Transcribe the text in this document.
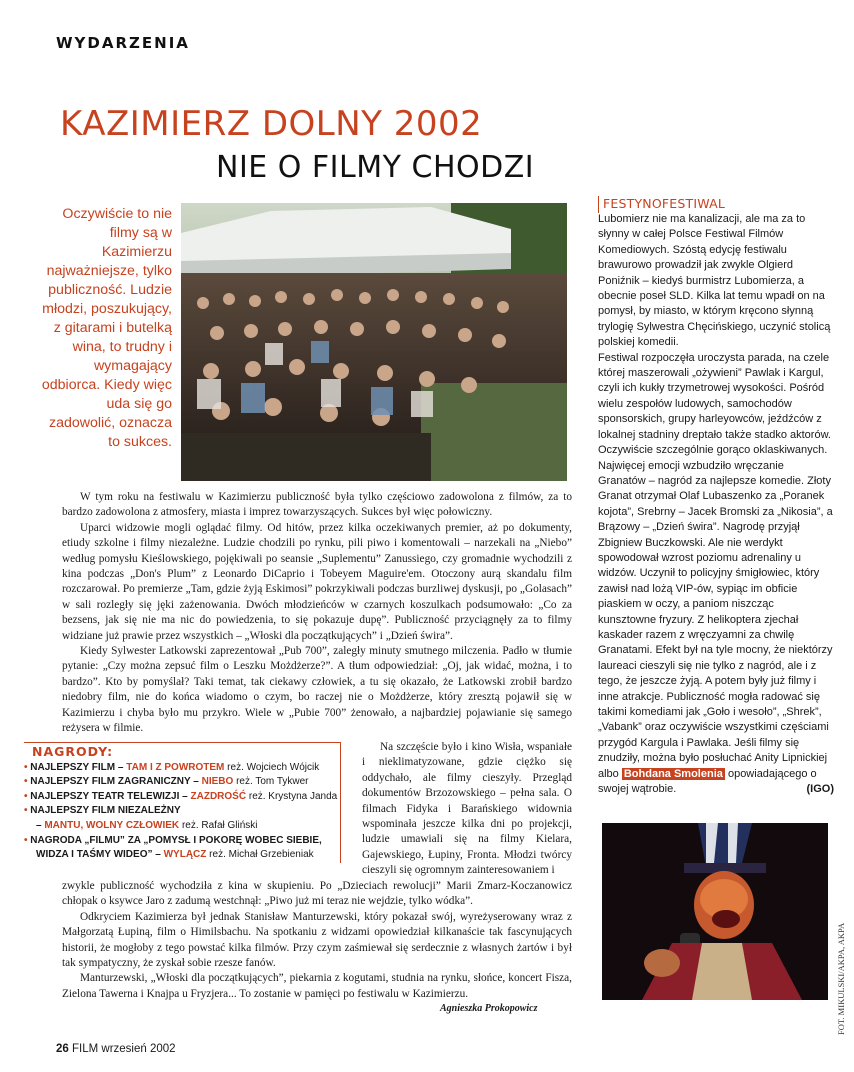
WYDARZENIA
KAZIMIERZ DOLNY 2002
NIE O FILMY CHODZI
Oczywiście to nie filmy są w Kazimierzu najważniejsze, tylko publiczność. Ludzie młodzi, poszukujący, z gitarami i butelką wina, to trudny i wymagający odbiorca. Kiedy więc uda się go zadowolić, oznacza to sukces.
FESTYNOFESTIWAL

Lubomierz nie ma kanalizacji, ale ma za to słynny w całej Polsce Festiwal Filmów Komediowych. Szóstą edycję festiwalu brawurowo prowadził jak zwykle Olgierd Poniźnik – kiedyś burmistrz Lubomierza, a obecnie poseł SLD. Kilka lat temu wpadł on na pomysł, by miasto, w którym kręcono słynną trylogię Sylwestra Chęcińskiego, uczynić stolicą polskiej komedii.

Festiwal rozpoczęła uroczysta parada, na czele której maszerowali „ożywieni” Pawlak i Kargul, czyli ich kukły trzymetrowej wysokości. Pośród wielu zespołów ludowych, samochodów sponsorskich, grupy harleyowców, jeźdźców z lokalnej stadniny dreptało także stadko aktorów. Oczywiście szczególnie gorąco oklaskiwanych.

Najwięcej emocji wzbudziło wręczanie Granatów – nagród za najlepsze komedie. Złoty Granat otrzymał Olaf Lubaszenko za „Poranek kojota”, Srebrny – Jacek Bromski za „Nikosia”, a Brązowy – „Dzień świra”. Nagrodę przyjął Zbigniew Buczkowski. Ale nie werdykt spowodował wzrost poziomu adrenaliny u widzów. Uczynił to policyjny śmigłowiec, który zawisł nad lożą VIP-ów, sypiąc im obficie piaskiem w oczy, a paniom niszcząc kunsztowne fryzury. Z helikoptera zjechał kaskader razem z wręczyamni za chwilę Granatami. Efekt był na tyle mocny, że niektórzy laureaci cieszyli się nie tylko z nagród, ale i z tego, że jeszcze żyją. A potem były już filmy i inne atrakcje. Publiczność mogła radować się takimi komediami jak „Goło i wesoło”, „Shrek”, „Vabank” oraz oczywiście wszystkimi częściami przygód Kargula i Pawlaka. Jeśli filmy się znudziły, można było posłuchać Anity Lipnickiej albo Bohdana Smolenia opowiadającego o swojej wątrobie.	(IGO)

W tym roku na festiwalu w Kazimierzu publiczność była tylko częściowo zadowolona z filmów, za to bardzo zadowolona z atmosfery, miasta i imprez towarzyszących. Sukces był więc połowiczny.

Uparci widzowie mogli oglądać filmy. Od hitów, przez kilka oczekiwanych premier, aż po dokumenty, etiudy szkolne i filmy niezależne. Ludzie chodzili po rynku, pili piwo i komentowali – narzekali na „Niebo” według pomysłu Kieślowskiego, pojękiwali po seansie „Suplementu” Zanussiego, czy gromadnie wychodzili z kina podczas „Don's Plum” z Leonardo DiCaprio i Tobeyem Maguire'em. Otoczony aurą skandalu film rozczarował. Po premierze „Tam, gdzie żyją Eskimosi” pokrzykiwali podczas burzliwej dyskusji, po „Golasach” w sali rozległy się jęki zażenowania. Dwóch młodzieńców w czarnych koszulkach podsumowało: „Co za bezsens, jak się nie ma nic do powiedzenia, to się pokazuje dupę”. Publiczność przyciągnęły za to filmy widziane już prawie przez wszystkich – „Włoski dla początkujących” i „Dzień świra”.

Kiedy Sylwester Latkowski zaprezentował „Pub 700”, zaległy minuty smutnego milczenia. Padło w tłumie pytanie: „Czy można zepsuć film o Leszku Możdżerze?”. A tłum odpowiedział: „Oj, jak widać, można, i to bardzo”. Kto by pomyślał? Taki temat, tak ciekawy człowiek, a tu się okazało, że Latkowski zrobił bardzo niedobry film, nie do końca wiadomo o czym, bo raczej nie o Możdżerze, który zresztą pojawił się w Kazimierzu i chyba było mu przykro. Wiele w „Pubie 700” żenowało, a najbardziej pojawianie się samego reżysera w filmie.

NAGRODY:
• NAJLEPSZY FILM – TAM I Z POWROTEM reż. Wojciech Wójcik
• NAJLEPSZY FILM ZAGRANICZNY – NIEBO reż. Tom Tykwer
• NAJLEPSZY TEATR TELEWIZJI – ZAZDROŚĆ reż. Krystyna Janda
• NAJLEPSZY FILM NIEZALEŻNY
– MANTU, WOLNY CZŁOWIEK reż. Rafał Gliński
• NAGRODA „FILMU” ZA „POMYSŁ I POKORĘ WOBEC SIEBIE,
WIDZA I TAŚMY WIDEO” – WYLĄCZ reż. Michał Grzebieniak

Na szczęście było i kino Wisła, wspaniałe i nieklimatyzowane, gdzie ciężko się oddychało, ale filmy cieszyły. Przegląd dokumentów Brzozowskiego – pełna sala. O filmach Fidyka i Barańskiego widownia wspominała jeszcze kilka dni po projekcji, ludzie umawiali się na filmy Kielara, Gajewskiego, Łupiny, Fronta. Młodzi twórcy cieszyli się ogromnym zainteresowaniem i

zwykle publiczność wychodziła z kina w skupieniu. Po „Dzieciach rewolucji” Marii Zmarz-Koczanowicz chłopak o ksywce Jaro z zadumą westchnął: „Piwo już mi teraz nie wejdzie, tylko wódka”.

Odkryciem Kazimierza był jednak Stanisław Manturzewski, który pokazał swój, wyreżyserowany wraz z Małgorzatą Łupiną, film o Himilsbachu. Na spotkaniu z widzami opowiedział kilkanaście tak fascynujących historii, że mogłoby z tego powstać kilka filmów. Przy czym zaśmiewał się serdecznie z własnych żartów i był tak sympatyczny, że zyskał sobie rzesze fanów.

Manturzewski, „Włoski dla początkujących”, piekarnia z kogutami, studnia na rynku, słońce, koncert Fisza, Zielona Tawerna i Knajpa u Fryzjera... To zostanie w pamięci po festiwalu w Kazimierzu.

Agnieszka Prokopowicz
26 FILM wrzesień 2002
FOT. MIKULSKI/AKPA, AKPA
